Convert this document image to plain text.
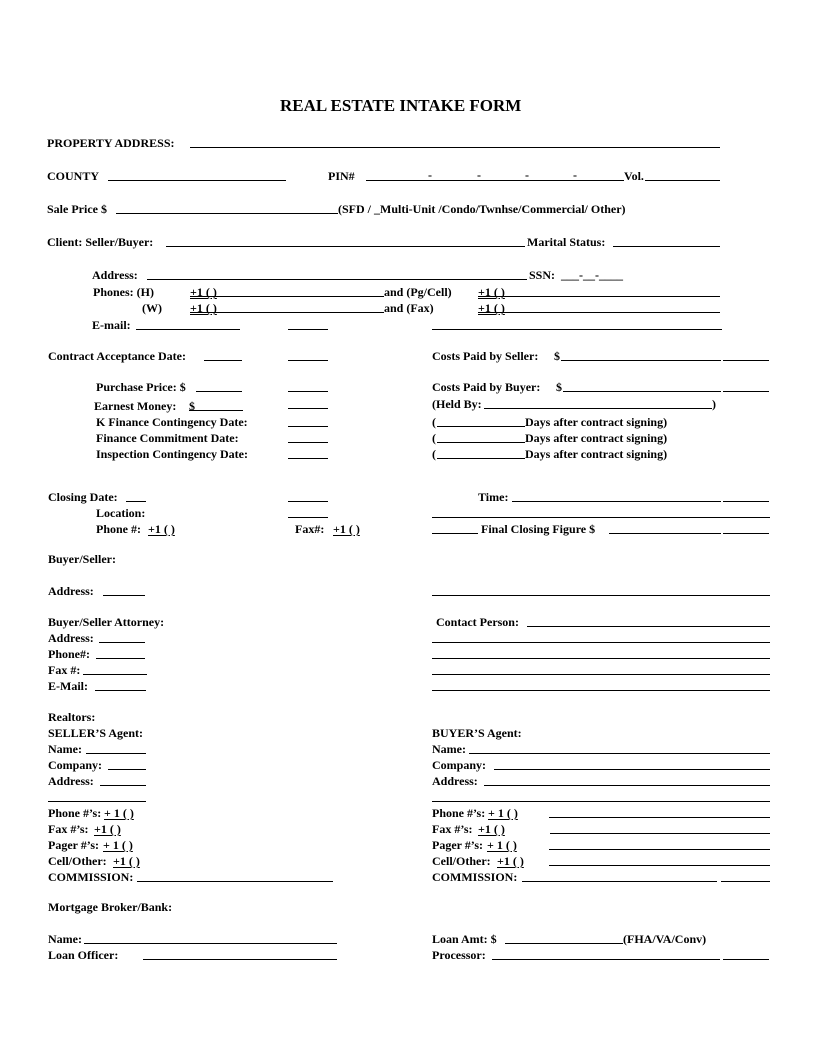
REAL ESTATE INTAKE FORM
PROPERTY ADDRESS:
COUNTY	PIN#	-	-	-	-	Vol.
Sale Price $	(SFD / _Multi-Unit /Condo/Twnhse/Commercial/ Other)
Client: Seller/Buyer:	Marital Status:
Address:	SSN: ___-__-____
Phones: (H)	+1 ( )	and (Pg/Cell) +1 ( )
(W) +1 ( )	and (Fax)	+1 ( )
E-mail:
Contract Acceptance Date:	Costs Paid by Seller: $
Purchase Price: $	Costs Paid by Buyer: $
Earnest Money: $	(Held By:	)
K Finance Contingency Date:	(	Days after contract signing)
Finance Commitment Date:	(	Days after contract signing)
Inspection Contingency Date:	(	Days after contract signing)
Closing Date:	Time:
Location:
Phone #: +1 ( )	Fax#: +1 ( )	Final Closing Figure $
Buyer/Seller:
Address:
Buyer/Seller Attorney:	Contact Person:
Address:
Phone#:
Fax #:
E-Mail:
Realtors:
SELLER’S Agent:	BUYER’S Agent:
Name:	Name:
Company:	Company:
Address:	Address:
Phone #’s: + 1 ( )	Phone #’s: + 1 ( )
Fax #’s: +1 ( )	Fax #’s: +1 ( )
Pager #’s: + 1 ( )	Pager #’s: + 1 ( )
Cell/Other: +1 ( )	Cell/Other: +1 ( )
COMMISSION:	COMMISSION:
Mortgage Broker/Bank:
Name:	Loan Amt: $	(FHA/VA/Conv)
Loan Officer:	Processor:
